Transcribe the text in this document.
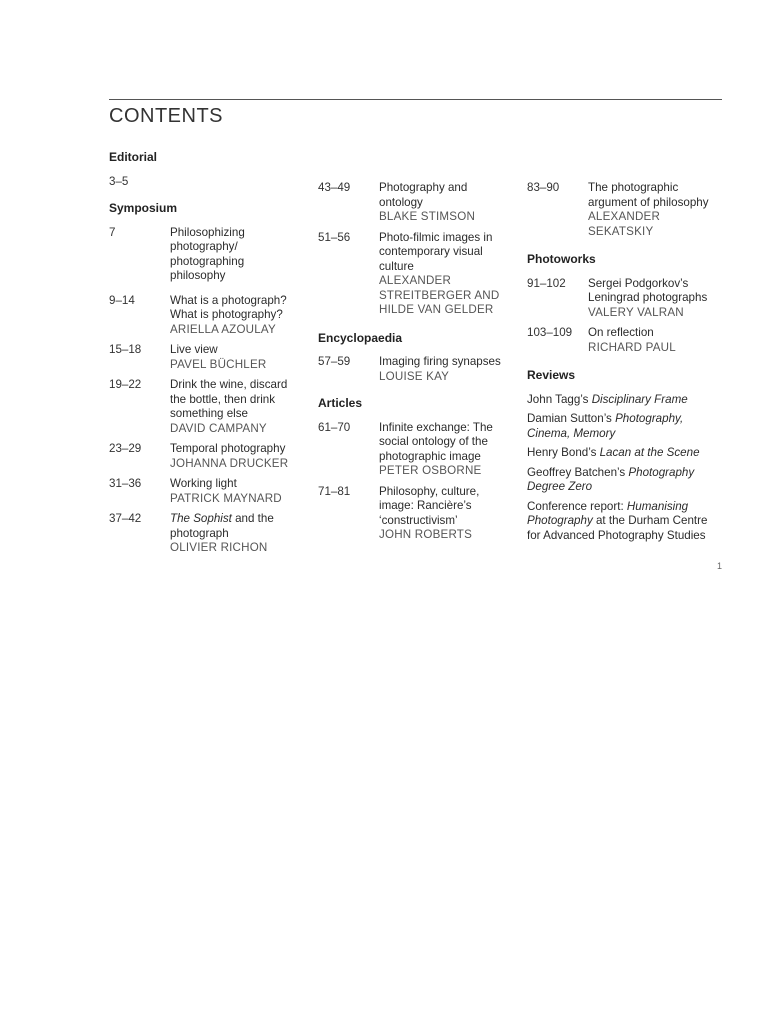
CONTENTS
Editorial
3–5
Symposium
7	Philosophizing photography/ photographing philosophy
9–14	What is a photograph? What is photography?
ARIELLA AZOULAY
15–18	Live view
PAVEL BÜCHLER
19–22	Drink the wine, discard the bottle, then drink something else
DAVID CAMPANY
23–29	Temporal photography
JOHANNA DRUCKER
31–36	Working light
PATRICK MAYNARD
37–42	The Sophist and the photograph
OLIVIER RICHON
43–49	Photography and ontology
BLAKE STIMSON
51–56	Photo-filmic images in contemporary visual culture
ALEXANDER STREITBERGER AND HILDE VAN GELDER
Encyclopaedia
57–59	Imaging firing synapses
LOUISE KAY
Articles
61–70	Infinite exchange: The social ontology of the photographic image
PETER OSBORNE
71–81	Philosophy, culture, image: Rancière’s ‘constructivism’
JOHN ROBERTS
83–90	The photographic argument of philosophy
ALEXANDER SEKATSKIY
Photoworks
91–102	Sergei Podgorkov’s Leningrad photographs
VALERY VALRAN
103–109	On reflection
RICHARD PAUL
Reviews
John Tagg’s Disciplinary Frame
Damian Sutton’s Photography, Cinema, Memory
Henry Bond’s Lacan at the Scene
Geoffrey Batchen’s Photography Degree Zero
Conference report: Humanising Photography at the Durham Centre for Advanced Photography Studies
1
